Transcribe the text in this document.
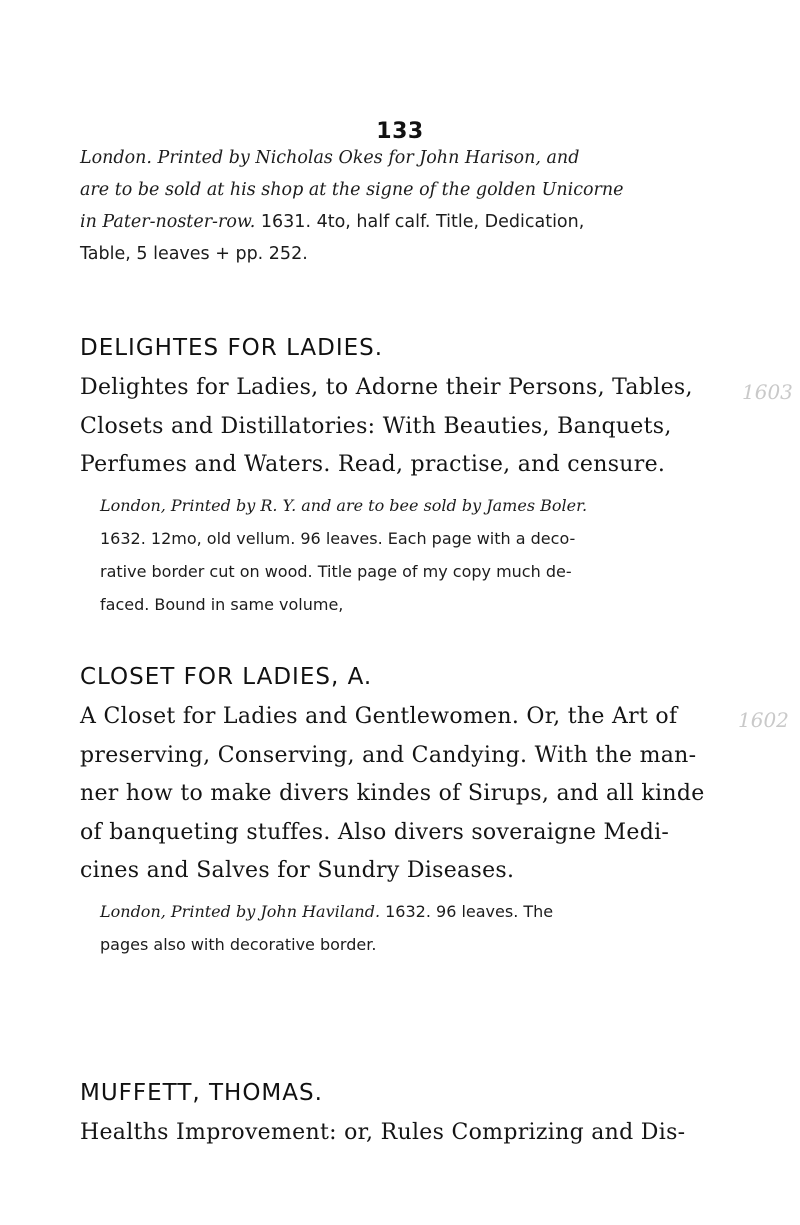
133
London. Printed by Nicholas Okes for John Harison, and
are to be sold at his shop at the signe of the golden Unicorne
in Pater-noster-row. 1631. 4to, half calf. Title, Dedication,
Table, 5 leaves + pp. 252.
DELIGHTES FOR LADIES.
Delightes for Ladies, to Adorne their Persons, Tables,
Closets and Distillatories: With Beauties, Banquets,
Perfumes and Waters. Read, practise, and censure.
London, Printed by R. Y. and are to bee sold by James Boler.
1632. 12mo, old vellum. 96 leaves. Each page with a deco-
rative border cut on wood. Title page of my copy much de-
faced. Bound in same volume,
1603
CLOSET FOR LADIES, A.
A Closet for Ladies and Gentlewomen. Or, the Art of
preserving, Conserving, and Candying. With the man-
ner how to make divers kindes of Sirups, and all kinde
of banqueting stuffes. Also divers soveraigne Medi-
cines and Salves for Sundry Diseases.
London, Printed by John Haviland. 1632. 96 leaves. The
pages also with decorative border.
1602
MUFFETT, THOMAS.
Healths Improvement: or, Rules Comprizing and Dis-
